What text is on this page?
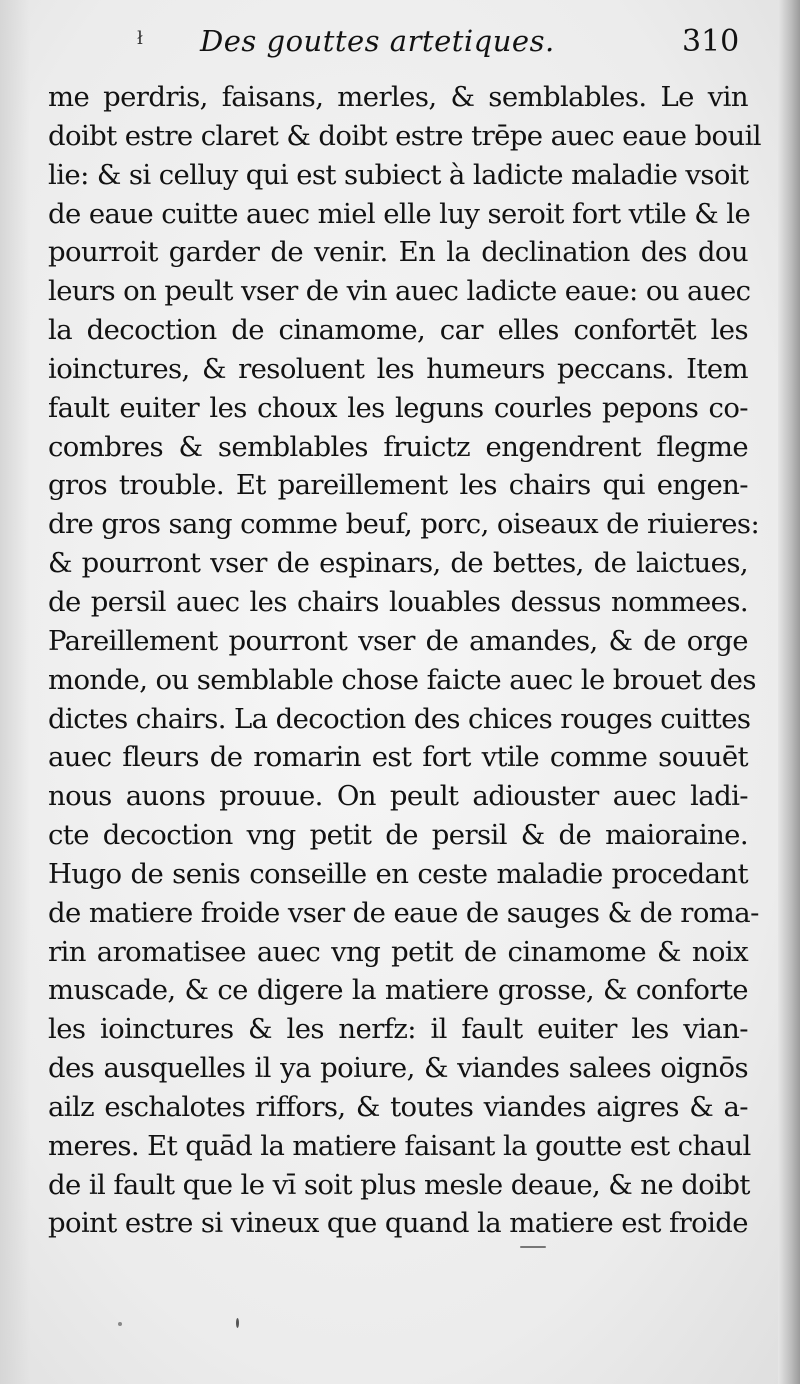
ł Des gouttes artetiques.	310
me perdris, faisans, merles, & semblables. Le vin
doibt estre claret & doibt estre trēpe auec eaue bouil
lie: & si celluy qui est subiect à ladicte maladie vsoit
de eaue cuitte auec miel elle luy seroit fort vtile & le
pourroit garder de venir. En la declination des dou
leurs on peult vser de vin auec ladicte eaue: ou auec
la decoction de cinamome, car elles confortēt les
ioinctures, & resoluent les humeurs peccans. Item
fault euiter les choux les leguns courles pepons co-
combres & semblables fruictz engendrent flegme
gros trouble. Et pareillement les chairs qui engen-
dre gros sang comme beuf, porc, oiseaux de riuieres:
& pourront vser de espinars, de bettes, de laictues,
de persil auec les chairs louables dessus nommees.
Pareillement pourront vser de amandes, & de orge
monde, ou semblable chose faicte auec le brouet des
dictes chairs. La decoction des chices rouges cuittes
auec fleurs de romarin est fort vtile comme souuēt
nous auons prouue. On peult adiouster auec ladi-
cte decoction vng petit de persil & de maioraine.
Hugo de senis conseille en ceste maladie procedant
de matiere froide vser de eaue de sauges & de roma-
rin aromatisee auec vng petit de cinamome & noix
muscade, & ce digere la matiere grosse, & conforte
les ioinctures & les nerfz: il fault euiter les vian-
des ausquelles il ya poiure, & viandes salees oignōs
ailz eschalotes riffors, & toutes viandes aigres & a-
meres. Et quād la matiere faisant la goutte est chaul
de il fault que le vī soit plus mesle deaue, & ne doibt
point estre si vineux que quand la matiere est froide
